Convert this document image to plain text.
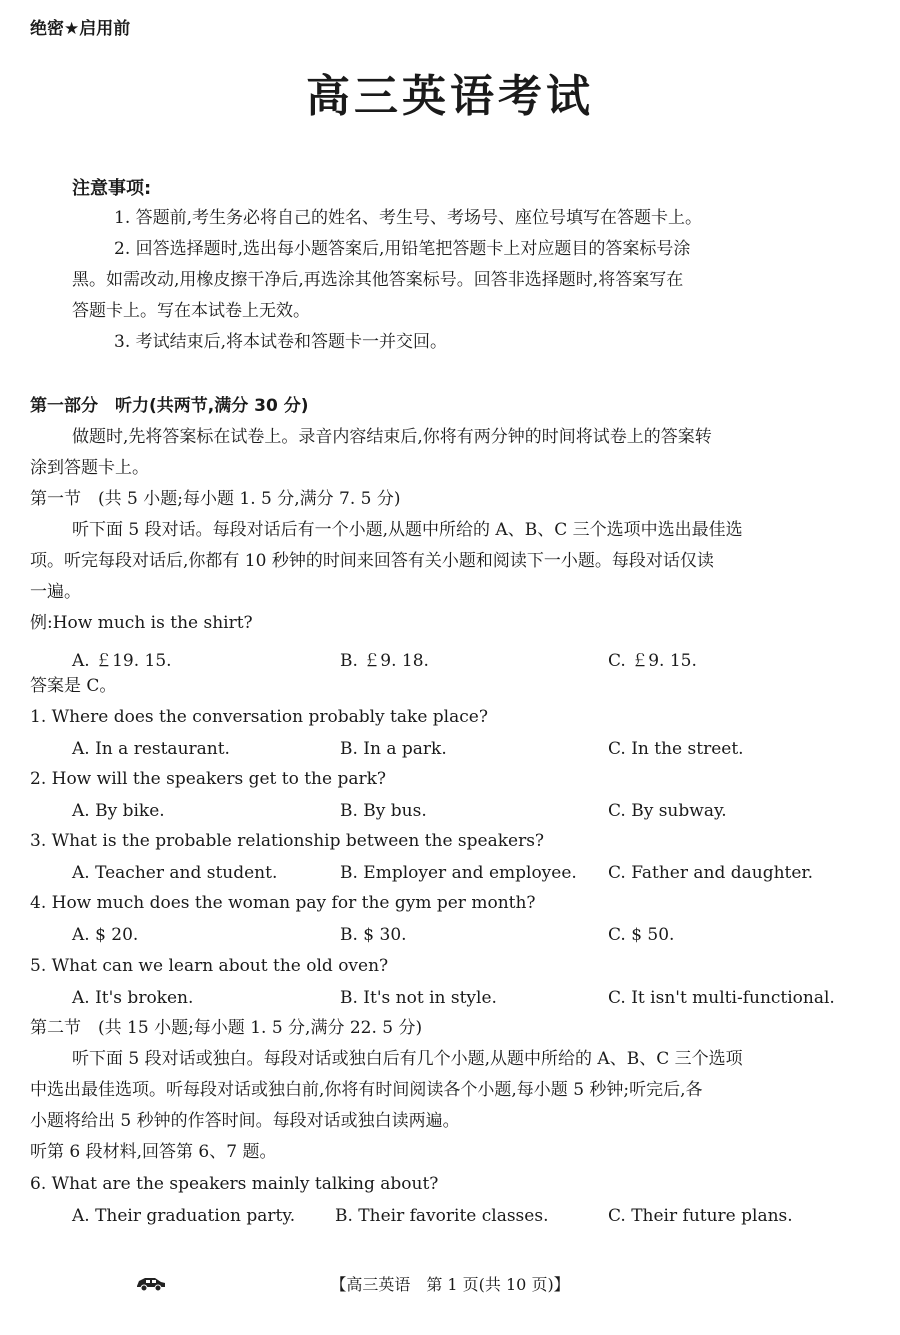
绝密★启用前
高三英语考试
注意事项:
1. 答题前,考生务必将自己的姓名、考生号、考场号、座位号填写在答题卡上。
2. 回答选择题时,选出每小题答案后,用铅笔把答题卡上对应题目的答案标号涂
黑。如需改动,用橡皮擦干净后,再选涂其他答案标号。回答非选择题时,将答案写在
答题卡上。写在本试卷上无效。
3. 考试结束后,将本试卷和答题卡一并交回。
第一部分　听力(共两节,满分 30 分)
做题时,先将答案标在试卷上。录音内容结束后,你将有两分钟的时间将试卷上的答案转
涂到答题卡上。
第一节　(共 5 小题;每小题 1. 5 分,满分 7. 5 分)
听下面 5 段对话。每段对话后有一个小题,从题中所给的 A、B、C 三个选项中选出最佳选
项。听完每段对话后,你都有 10 秒钟的时间来回答有关小题和阅读下一小题。每段对话仅读
一遍。
例:How much is the shirt?
A. ￡19. 15.	B. ￡9. 18.	C. ￡9. 15.
答案是 C。
1. Where does the conversation probably take place?
A. In a restaurant.	B. In a park.	C. In the street.
2. How will the speakers get to the park?
A. By bike.	B. By bus.	C. By subway.
3. What is the probable relationship between the speakers?
A. Teacher and student.	B. Employer and employee. C. Father and daughter.
4. How much does the woman pay for the gym per month?
A. $ 20.	B. $ 30.	C. $ 50.
5. What can we learn about the old oven?
A. It's broken.	B. It's not in style.	C. It isn't multi-functional.
第二节　(共 15 小题;每小题 1. 5 分,满分 22. 5 分)
听下面 5 段对话或独白。每段对话或独白后有几个小题,从题中所给的 A、B、C 三个选项
中选出最佳选项。听每段对话或独白前,你将有时间阅读各个小题,每小题 5 秒钟;听完后,各
小题将给出 5 秒钟的作答时间。每段对话或独白读两遍。
听第 6 段材料,回答第 6、7 题。
6. What are the speakers mainly talking about?
A. Their graduation party. B. Their favorite classes.	C. Their future plans.
【高三英语　第 1 页(共 10 页)】
